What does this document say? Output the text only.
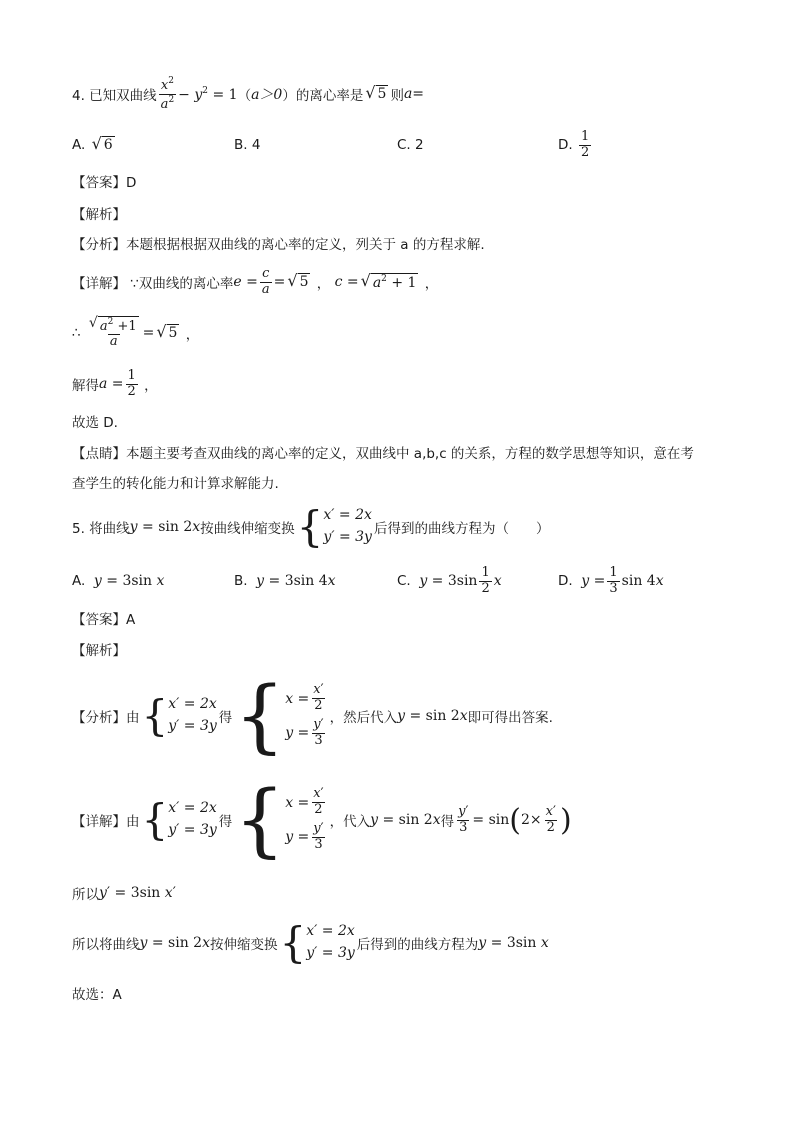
4. 已知双曲线 $\frac{x^2}{a^2} - y^2 = 1$ （ a＞0 ）的离心率是 √ 5 则 a=
A.
√ 6	B. 4	C. 2	D.
$\frac{1}{2}$
【答案】D
【解析】
【分析】本题根据根据双曲线的离心率的定义，列关于 a 的方程求解.
【详解】
∵双曲线的离心率 $e = \frac{c}{a}$ = √ 5 ， c = √ $a^2 + 1$ ，
∴
$\frac{√ a^2 +1}{a}$ = √ 5 ，
解得 $a = \frac{1}{2}$ ，
故选 D.
【点睛】本题主要考查双曲线的离心率的定义，双曲线中 a,b,c 的关系，方程的数学思想等知识，意在考
查学生的转化能力和计算求解能力.
5. 将曲线 y = sin 2x 按曲线伸缩变换 { x′ = 2x
y′ = 3y 后得到的曲线方程为（　　）
A.
y = 3sin x	B.
y = 3sin 4x	C.
$y = 3\sin \frac{1}{2}$ x	D.
$y = \frac{1}{3}$ sin 4x
【答案】A
【解析】
【分析】由 { x′ = 2x
y′ = 3y 得 { $x = \frac{x'}{2}$
$y = \frac{y'}{3}$ ，然后代入 y = sin 2x 即可得出答案.
【详解】由 { x′ = 2x
y′ = 3y 得 { $x = \frac{x'}{2}$
$y = \frac{y'}{3}$ ，代入 y = sin 2x 得 $\frac{y'}{3} = \sin$ ( $2\times \frac{x'}{2}$ )
所以 y′ = 3sin x′
所以将曲线 y = sin 2x 按伸缩变换 { x′ = 2x
y′ = 3y 后得到的曲线方程为 y = 3sin x
故选：A
